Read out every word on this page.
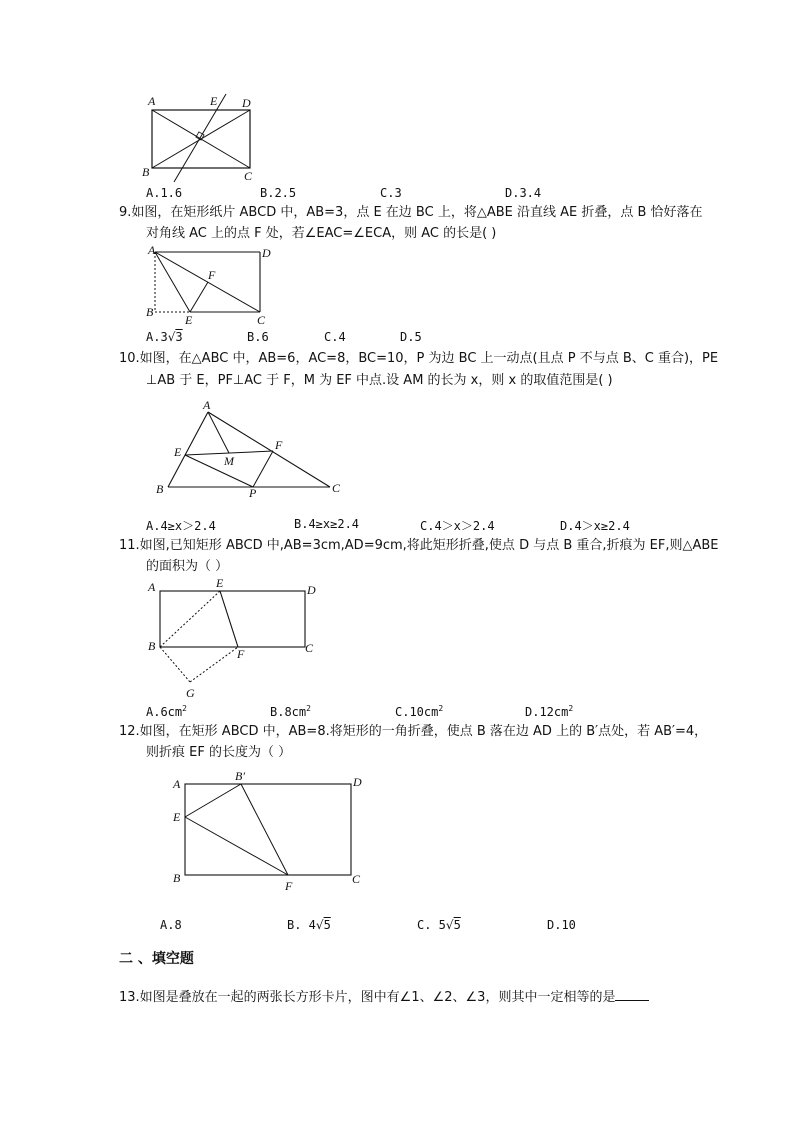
A	E D
B	C
A.1.6	B.2.5	C.3	D.3.4
9.如图，在矩形纸片 ABCD 中，AB=3，点 E 在边 BC 上，将△ABE 沿直线 AE 折叠，点 B 恰好落在
对角线 AC 上的点 F 处，若∠EAC=∠ECA，则 AC 的长是( )
A	D
F
B
E	C
A.3√3	B.6	C.4	D.5
10.如图，在△ABC 中，AB=6，AC=8，BC=10，P 为边 BC 上一动点(且点 P 不与点 B、C 重合)，PE
⊥AB 于 E，PF⊥AC 于 F，M 为 EF 中点.设 AM 的长为 x，则 x 的取值范围是( )
A
E	F
M
B	P	C
A.4≥x＞2.4	B.4≥x≥2.4	C.4＞x＞2.4	D.4＞x≥2.4
11.如图,已知矩形 ABCD 中,AB=3cm,AD=9cm,将此矩形折叠,使点 D 与点 B 重合,折痕为 EF,则△ABE
的面积为（ ）
A	E	D
B
F	C
G
$A.6cm^2$	$B.8cm^2$	$C.10cm^2$	$D.12cm^2$
12.如图，在矩形 ABCD 中，AB=8.将矩形的一角折叠，使点 B 落在边 AD 上的 B′点处，若 AB′=4，
则折痕 EF 的长度为（ ）
A
B′	D
E
B
F	C
A.8	B. 4√5	C. 5√5	D.10
二 、填空题
13.如图是叠放在一起的两张长方形卡片，图中有∠1、∠2、∠3，则其中一定相等的是
